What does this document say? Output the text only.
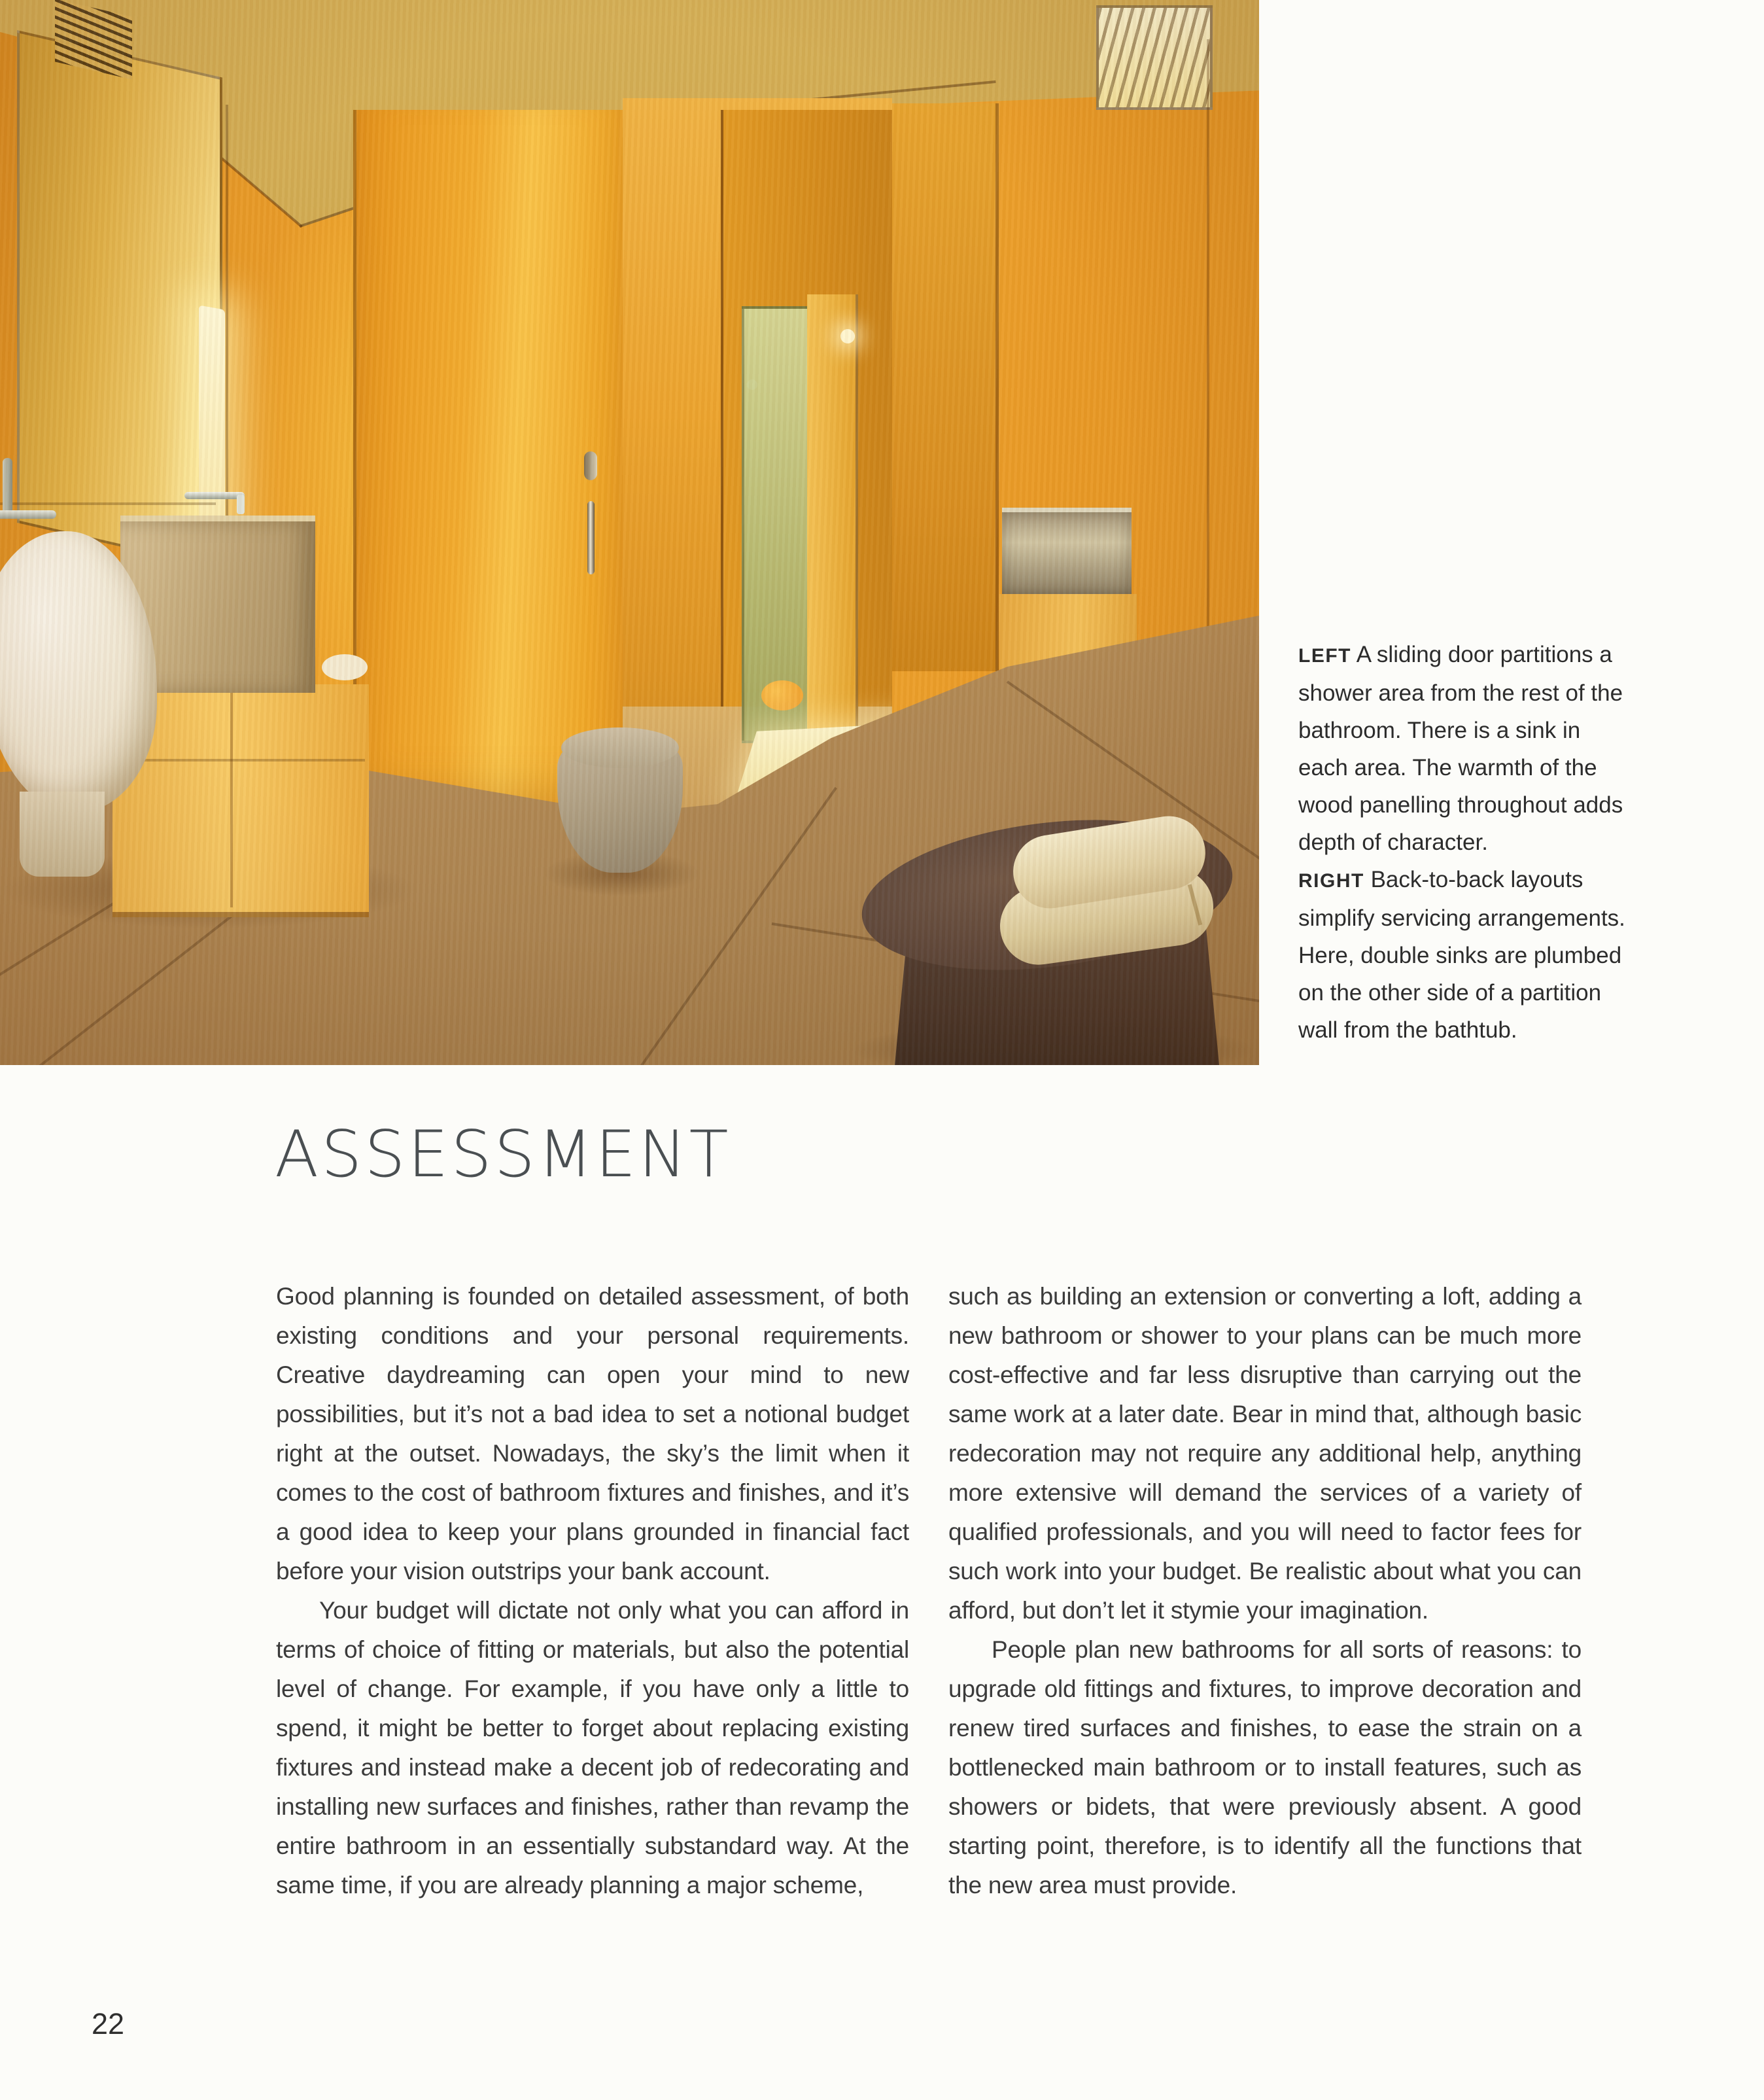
LEFT A sliding door partitions a shower area from the rest of the bathroom. There is a sink in each area. The warmth of the wood panelling throughout adds depth of character.

RIGHT Back-to-back layouts simplify servicing arrangements. Here, double sinks are plumbed on the other side of a partition wall from the bathtub.

ASSESSMENT

Good planning is founded on detailed assessment, of both existing conditions and your personal requirements. Creative daydreaming can open your mind to new possibilities, but it’s not a bad idea to set a notional budget right at the outset. Nowadays, the sky’s the limit when it comes to the cost of bathroom fixtures and finishes, and it’s a good idea to keep your plans grounded in financial fact before your vision outstrips your bank account.

Your budget will dictate not only what you can afford in terms of choice of fitting or materials, but also the potential level of change. For example, if you have only a little to spend, it might be better to forget about replacing existing fixtures and instead make a decent job of redecorating and installing new surfaces and finishes, rather than revamp the entire bathroom in an essentially substandard way. At the same time, if you are already planning a major scheme,

such as building an extension or converting a loft, adding a new bathroom or shower to your plans can be much more cost-effective and far less disruptive than carrying out the same work at a later date. Bear in mind that, although basic redecoration may not require any additional help, anything more extensive will demand the services of a variety of qualified professionals, and you will need to factor fees for such work into your budget. Be realistic about what you can afford, but don’t let it stymie your imagination.

People plan new bathrooms for all sorts of reasons: to upgrade old fittings and fixtures, to improve decoration and renew tired surfaces and finishes, to ease the strain on a bottlenecked main bathroom or to install features, such as showers or bidets, that were previously absent. A good starting point, therefore, is to identify all the functions that the new area must provide.

22
